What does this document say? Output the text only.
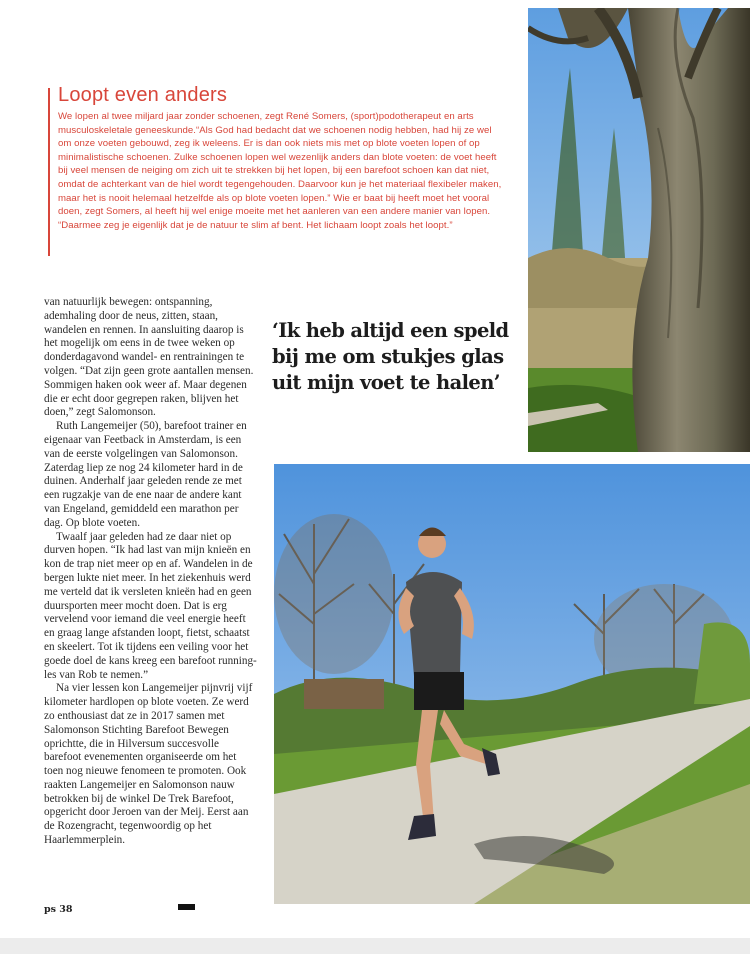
Loopt even anders

We lopen al twee miljard jaar zonder schoenen, zegt René Somers, (sport)podotherapeut en arts musculoskeletale geneeskunde.“Als God had bedacht dat we schoenen nodig hebben, had hij ze wel om onze voeten gebouwd, zeg ik weleens. Er is dan ook niets mis met op blote voeten lopen of op minimalistische schoenen. Zulke schoenen lopen wel wezenlijk anders dan blote voeten: de voet heeft bij veel mensen de neiging om zich uit te strekken bij het lopen, bij een barefoot schoen kan dat niet, omdat de achterkant van de hiel wordt tegengehouden. Daarvoor kun je het materiaal flexibeler maken, maar het is nooit helemaal hetzelfde als op blote voeten lopen.” Wie er baat bij heeft moet het vooral doen, zegt Somers, al heeft hij wel enige moeite met het aanleren van een andere manier van lopen. “Daarmee zeg je eigenlijk dat je de natuur te slim af bent. Het lichaam loopt zoals het loopt.”

van natuurlijk bewegen: ontspanning, ademhaling door de neus, zitten, staan, wandelen en rennen. In aansluiting daarop is het mogelijk om eens in de twee weken op donderdagavond wandel- en rentrainingen te volgen. “Dat zijn geen grote aantallen mensen. Sommigen haken ook weer af. Maar degenen die er echt door gegrepen raken, blijven het doen,” zegt Salomonson.

Ruth Langemeijer (50), barefoot trainer en eigenaar van Feetback in Amsterdam, is een van de eerste volgelingen van Salomonson. Zaterdag liep ze nog 24 kilometer hard in de duinen. Anderhalf jaar geleden rende ze met een rugzakje van de ene naar de andere kant van Engeland, gemiddeld een marathon per dag. Op blote voeten.

Twaalf jaar geleden had ze daar niet op durven hopen. “Ik had last van mijn knieën en kon de trap niet meer op en af. Wandelen in de bergen lukte niet meer. In het ziekenhuis werd me verteld dat ik versleten knieën had en geen duursporten meer mocht doen. Dat is erg vervelend voor iemand die veel energie heeft en graag lange afstanden loopt, fietst, schaatst en skeelert. Tot ik tijdens een veiling voor het goede doel de kans kreeg een barefoot running-les van Rob te nemen.”

Na vier lessen kon Langemeijer pijnvrij vijf kilometer hardlopen op blote voeten. Ze werd zo enthousiast dat ze in 2017 samen met Salomonson Stichting Barefoot Bewegen oprichtte, die in Hilversum succesvolle barefoot evenementen organiseerde om het toen nog nieuwe fenomeen te promoten. Ook raakten Langemeijer en Salomonson nauw betrokken bij de winkel De Trek Barefoot, opgericht door Jeroen van der Meij. Eerst aan de Rozengracht, tegenwoordig op het Haarlemmerplein.

‘Ik heb altijd een speld bij me om stukjes glas uit mijn voet te halen’

ps 38
